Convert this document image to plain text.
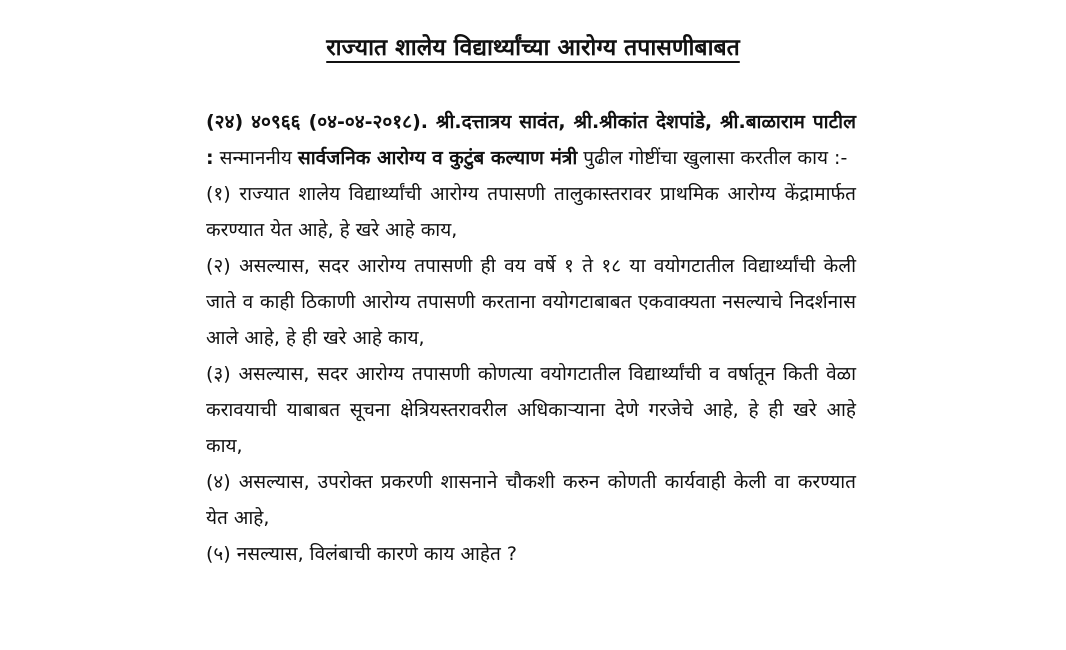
राज्यात शालेय विद्यार्थ्यांच्या आरोग्य तपासणीबाबत

(२४) ४०९६६ (०४-०४-२०१८). श्री.दत्तात्रय सावंत, श्री.श्रीकांत देशपांडे, श्री.बाळाराम पाटील : सन्माननीय सार्वजनिक आरोग्य व कुटुंब कल्याण मंत्री पुढील गोष्टींचा खुलासा करतील काय :-

(१) राज्यात शालेय विद्यार्थ्यांची आरोग्य तपासणी तालुकास्तरावर प्राथमिक आरोग्य केंद्रामार्फत करण्यात येत आहे, हे खरे आहे काय,

(२) असल्यास, सदर आरोग्य तपासणी ही वय वर्षे १ ते १८ या वयोगटातील विद्यार्थ्यांची केली जाते व काही ठिकाणी आरोग्य तपासणी करताना वयोगटाबाबत एकवाक्यता नसल्याचे निदर्शनास आले आहे, हे ही खरे आहे काय,

(३) असल्यास, सदर आरोग्य तपासणी कोणत्या वयोगटातील विद्यार्थ्यांची व वर्षातून किती वेळा करावयाची याबाबत सूचना क्षेत्रियस्तरावरील अधिकाऱ्याना देणे गरजेचे आहे, हे ही खरे आहे काय,

(४) असल्यास, उपरोक्त प्रकरणी शासनाने चौकशी करुन कोणती कार्यवाही केली वा करण्यात येत आहे,

(५) नसल्यास, विलंबाची कारणे काय आहेत ?
